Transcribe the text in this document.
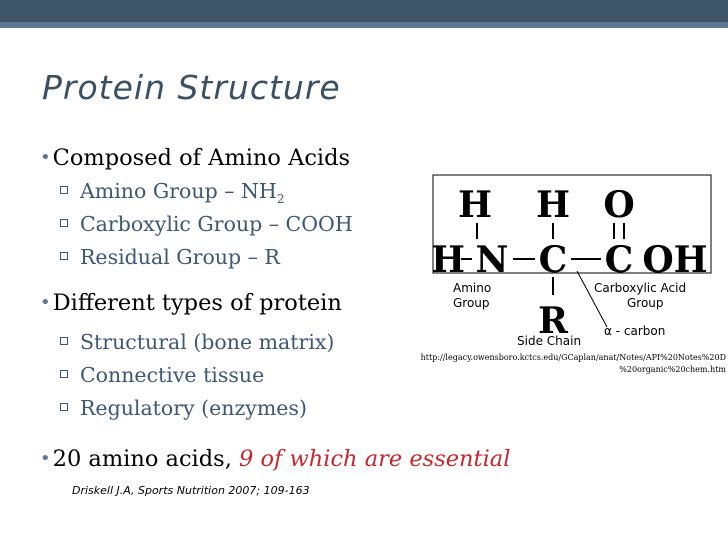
Protein Structure
•Composed of Amino Acids
Amino Group – $NH_2$
Carboxylic Group – COOH
Residual Group – R
•Different types of protein
Structural (bone matrix)
Connective tissue
Regulatory (enzymes)
•20 amino acids, 9 of which are essential
Driskell J.A, Sports Nutrition 2007; 109-163
H H O
H N C C OH
R
Amino
Group
Carboxylic Acid
Group
Side Chain
α - carbon
http://legacy.owensboro.kctcs.edu/GCaplan/anat/Notes/API%20Notes%20D
%20organic%20chem.htm
